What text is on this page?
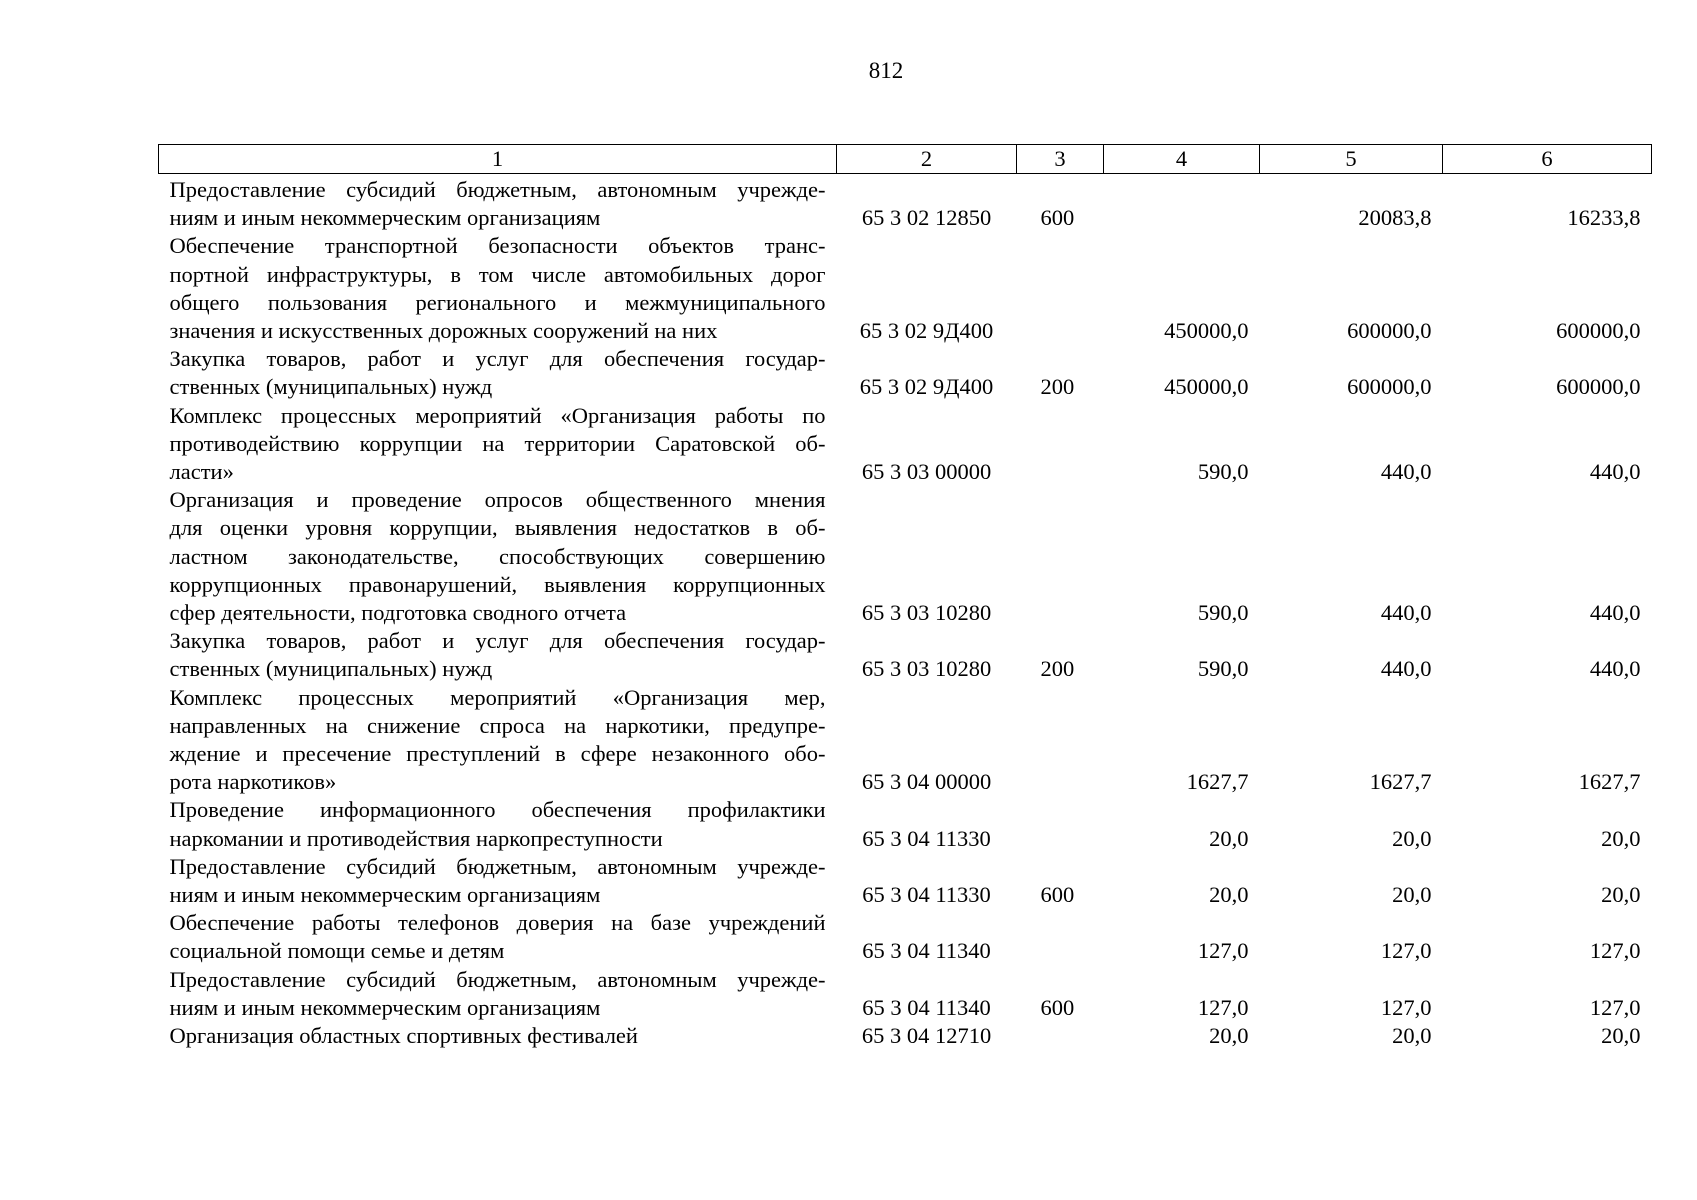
812
1	2	3	4	5	6

Предоставление субсидий бюджетным, автономным учрежде-
ниям и иным некоммерческим организациям	65 3 02 12850	600		20083,8	16233,8

Обеспечение транспортной безопасности объектов транс-
портной инфраструктуры, в том числе автомобильных дорог
общего пользования регионального и межмуниципального
значения и искусственных дорожных сооружений на них	65 3 02 9Д400		450000,0	600000,0	600000,0

Закупка товаров, работ и услуг для обеспечения государ-
ственных (муниципальных) нужд	65 3 02 9Д400	200	450000,0	600000,0	600000,0

Комплекс процессных мероприятий «Организация работы по
противодействию коррупции на территории Саратовской об-
ласти»	65 3 03 00000		590,0	440,0	440,0

Организация и проведение опросов общественного мнения
для оценки уровня коррупции, выявления недостатков в об-
ластном законодательстве, способствующих совершению
коррупционных правонарушений, выявления коррупционных
сфер деятельности, подготовка сводного отчета	65 3 03 10280		590,0	440,0	440,0

Закупка товаров, работ и услуг для обеспечения государ-
ственных (муниципальных) нужд	65 3 03 10280	200	590,0	440,0	440,0

Комплекс процессных мероприятий «Организация мер,
направленных на снижение спроса на наркотики, предупре-
ждение и пресечение преступлений в сфере незаконного обо-
рота наркотиков»	65 3 04 00000		1627,7	1627,7	1627,7

Проведение информационного обеспечения профилактики
наркомании и противодействия наркопреступности	65 3 04 11330		20,0	20,0	20,0

Предоставление субсидий бюджетным, автономным учрежде-
ниям и иным некоммерческим организациям	65 3 04 11330	600	20,0	20,0	20,0

Обеспечение работы телефонов доверия на базе учреждений
социальной помощи семье и детям	65 3 04 11340		127,0	127,0	127,0

Предоставление субсидий бюджетным, автономным учрежде-
ниям и иным некоммерческим организациям	65 3 04 11340	600	127,0	127,0	127,0

Организация областных спортивных фестивалей	65 3 04 12710		20,0	20,0	20,0
